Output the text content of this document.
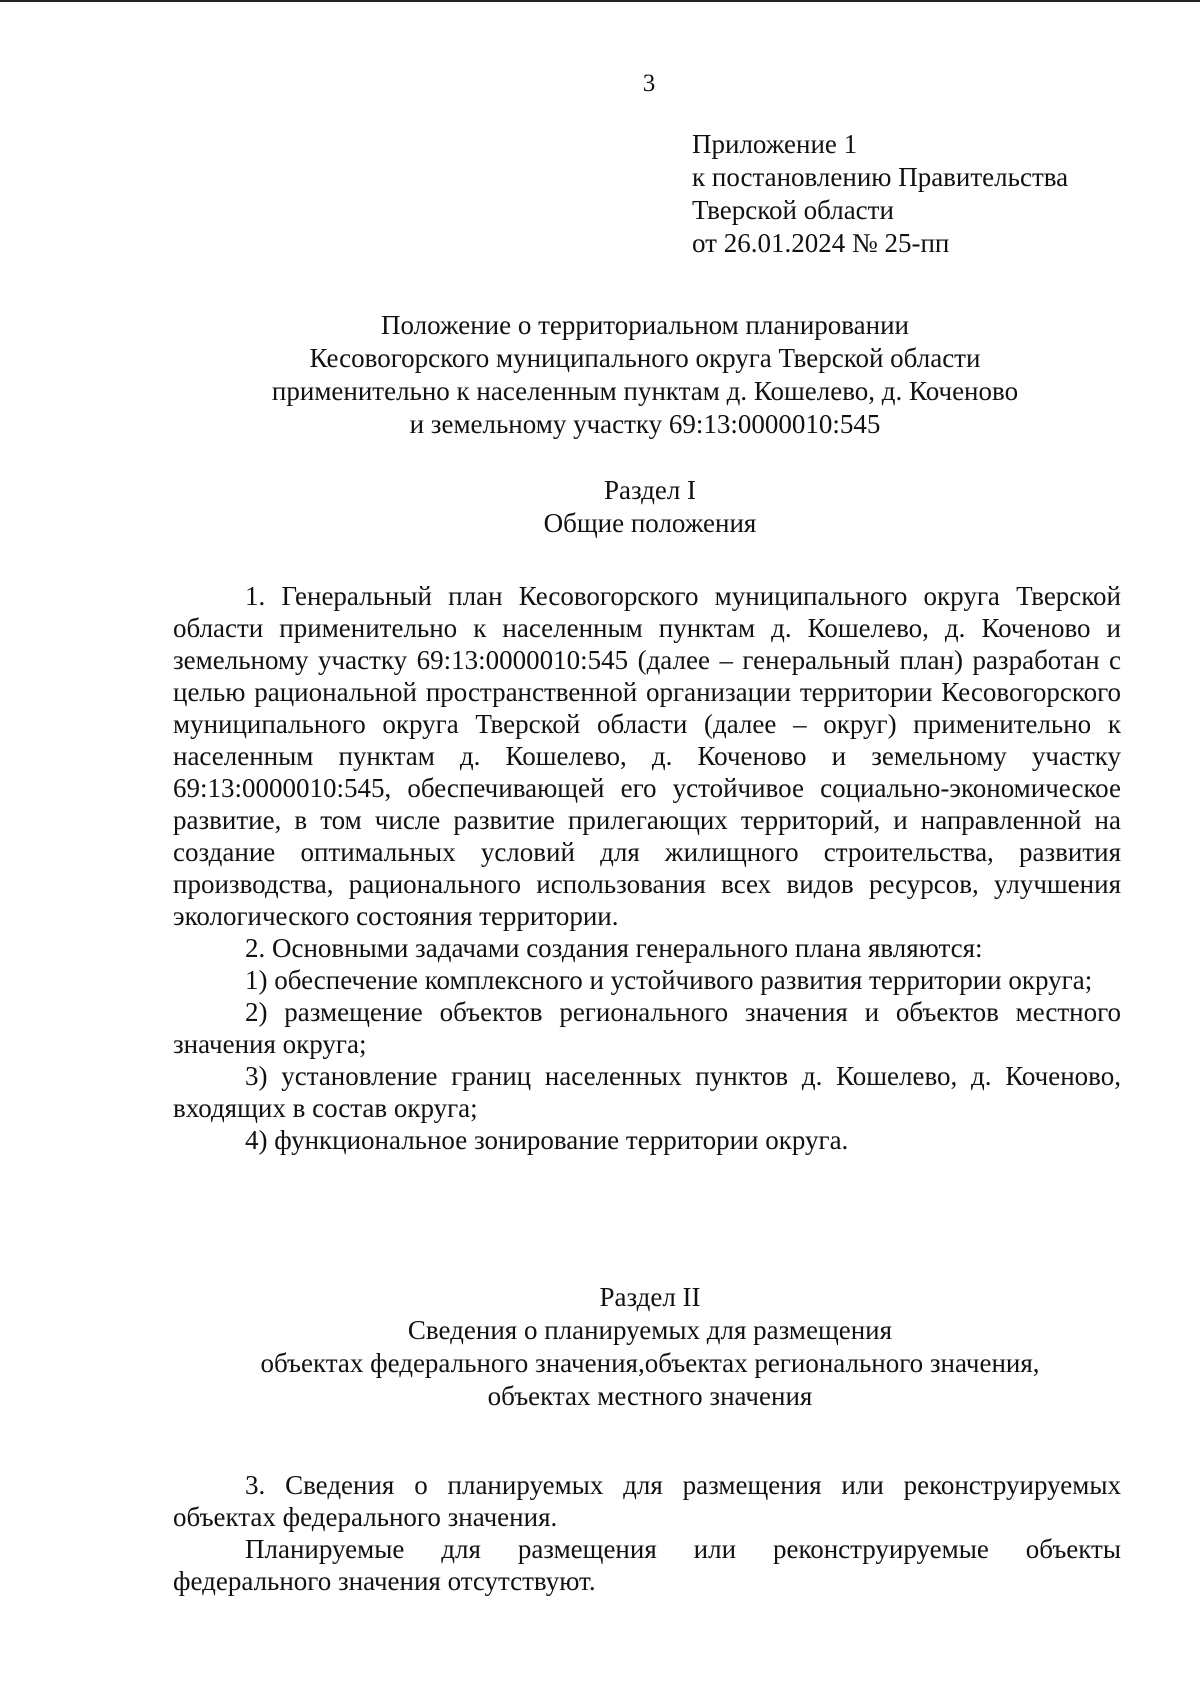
3
Приложение 1
к постановлению Правительства
Тверской области
от 26.01.2024 № 25-пп
Положение о территориальном планировании
Кесовогорского муниципального округа Тверской области
применительно к населенным пунктам д. Кошелево, д. Коченово
и земельному участку 69:13:0000010:545
Раздел I
Общие положения

1. Генеральный план Кесовогорского муниципального округа Тверской области применительно к населенным пунктам д. Кошелево, д. Коченово и земельному участку 69:13:0000010:545 (далее – генеральный план) разработан с целью рациональной пространственной организации территории Кесовогорского муниципального округа Тверской области (далее – округ) применительно к населенным пунктам д. Кошелево, д. Коченово и земельному участку 69:13:0000010:545, обеспечивающей его устойчивое социально-экономическое развитие, в том числе развитие прилегающих территорий, и направленной на создание оптимальных условий для жилищного строительства, развития производства, рационального использования всех видов ресурсов, улучшения экологического состояния территории.

2. Основными задачами создания генерального плана являются:

1) обеспечение комплексного и устойчивого развития территории округа;

2) размещение объектов регионального значения и объектов местного значения округа;

3) установление границ населенных пунктов д. Кошелево, д. Коченово, входящих в состав округа;

4) функциональное зонирование территории округа.

Раздел II
Сведения о планируемых для размещения
объектах федерального значения,объектах регионального значения,
объектах местного значения

3. Сведения о планируемых для размещения или реконструируемых объектах федерального значения.

Планируемые для размещения или реконструируемые объекты федерального значения отсутствуют.
